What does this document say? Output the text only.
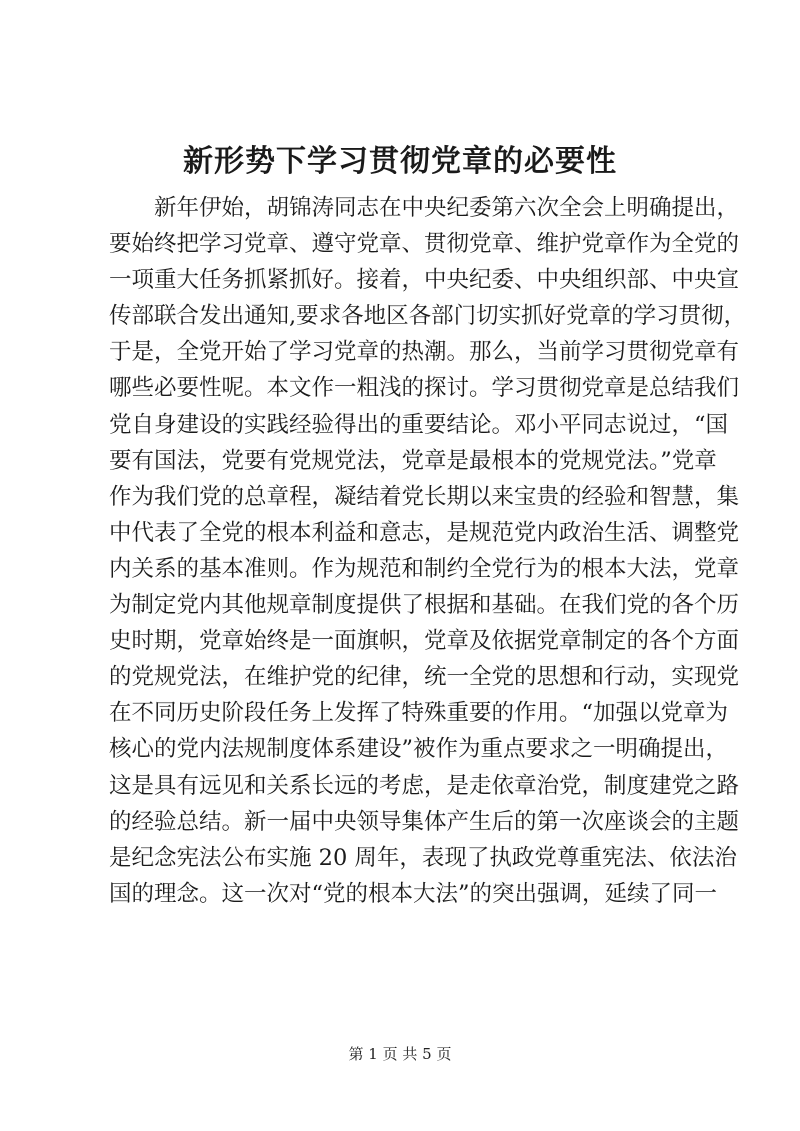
新形势下学习贯彻党章的必要性
新年伊始，胡锦涛同志在中央纪委第六次全会上明确提出，
要始终把学习党章、遵守党章、贯彻党章、维护党章作为全党的
一项重大任务抓紧抓好。接着，中央纪委、中央组织部、中央宣
传部联合发出通知,要求各地区各部门切实抓好党章的学习贯彻，
于是，全党开始了学习党章的热潮。那么，当前学习贯彻党章有
哪些必要性呢。本文作一粗浅的探讨。学习贯彻党章是总结我们
党自身建设的实践经验得出的重要结论。邓小平同志说过，“国
要有国法，党要有党规党法，党章是最根本的党规党法。”党章
作为我们党的总章程，凝结着党长期以来宝贵的经验和智慧，集
中代表了全党的根本利益和意志，是规范党内政治生活、调整党
内关系的基本准则。作为规范和制约全党行为的根本大法，党章
为制定党内其他规章制度提供了根据和基础。在我们党的各个历
史时期，党章始终是一面旗帜，党章及依据党章制定的各个方面
的党规党法，在维护党的纪律，统一全党的思想和行动，实现党
在不同历史阶段任务上发挥了特殊重要的作用。“加强以党章为
核心的党内法规制度体系建设”被作为重点要求之一明确提出，
这是具有远见和关系长远的考虑，是走依章治党，制度建党之路
的经验总结。新一届中央领导集体产生后的第一次座谈会的主题
是纪念宪法公布实施 20 周年，表现了执政党尊重宪法、依法治
国的理念。这一次对“党的根本大法”的突出强调，延续了同一
第 1 页 共 5 页
